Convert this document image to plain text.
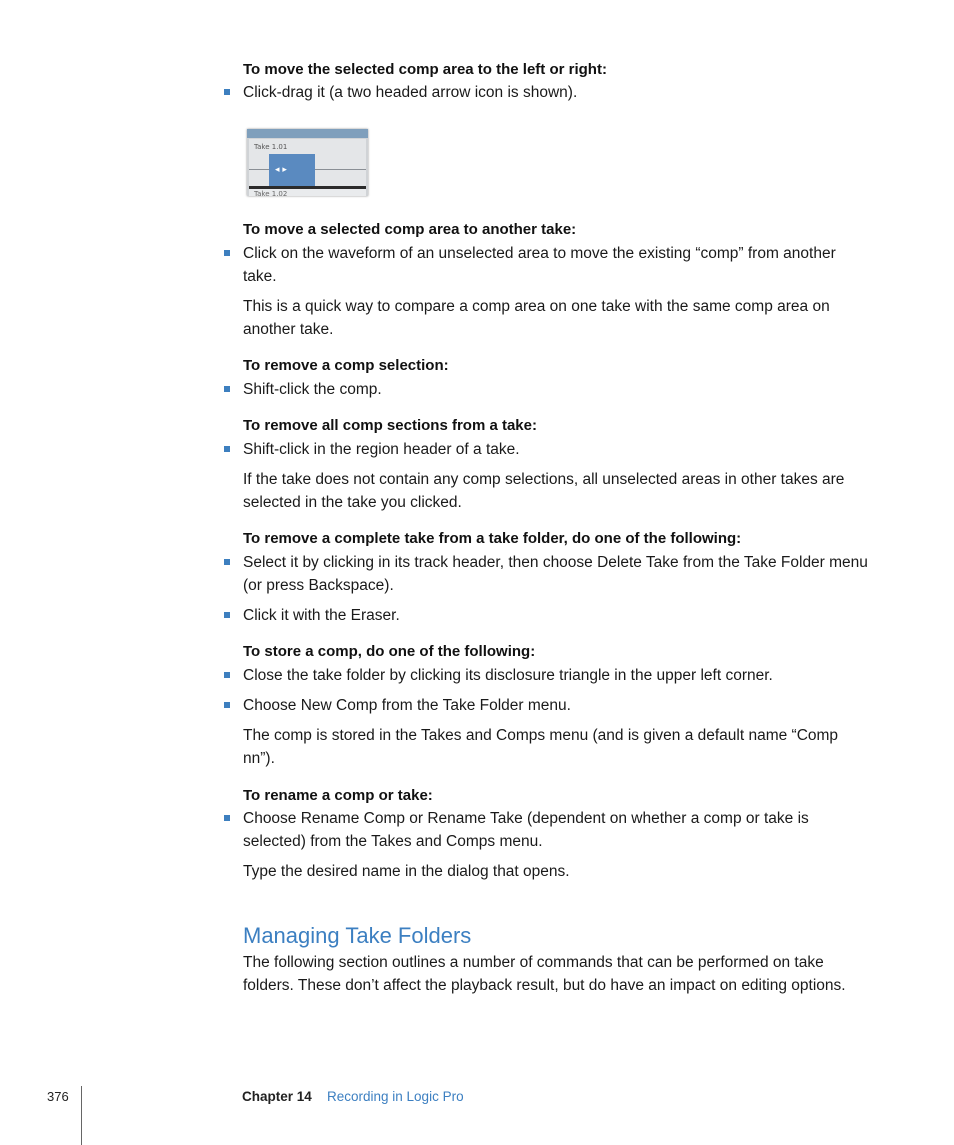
To move the selected comp area to the left or right:
Click-drag it (a two headed arrow icon is shown).
Take 1.01
Take 1.02
◂ ▸
To move a selected comp area to another take:
Click on the waveform of an unselected area to move the existing “comp” from another take.
This is a quick way to compare a comp area on one take with the same comp area on another take.
To remove a comp selection:
Shift-click the comp.
To remove all comp sections from a take:
Shift-click in the region header of a take.
If the take does not contain any comp selections, all unselected areas in other takes are selected in the take you clicked.
To remove a complete take from a take folder, do one of the following:
Select it by clicking in its track header, then choose Delete Take from the Take Folder menu (or press Backspace).
Click it with the Eraser.
To store a comp, do one of the following:
Close the take folder by clicking its disclosure triangle in the upper left corner.
Choose New Comp from the Take Folder menu.
The comp is stored in the Takes and Comps menu (and is given a default name “Comp nn”).
To rename a comp or take:
Choose Rename Comp or Rename Take (dependent on whether a comp or take is selected) from the Takes and Comps menu.
Type the desired name in the dialog that opens.
Managing Take Folders
The following section outlines a number of commands that can be performed on take folders. These don’t affect the playback result, but do have an impact on editing options.
376	Chapter 14 Recording in Logic Pro
